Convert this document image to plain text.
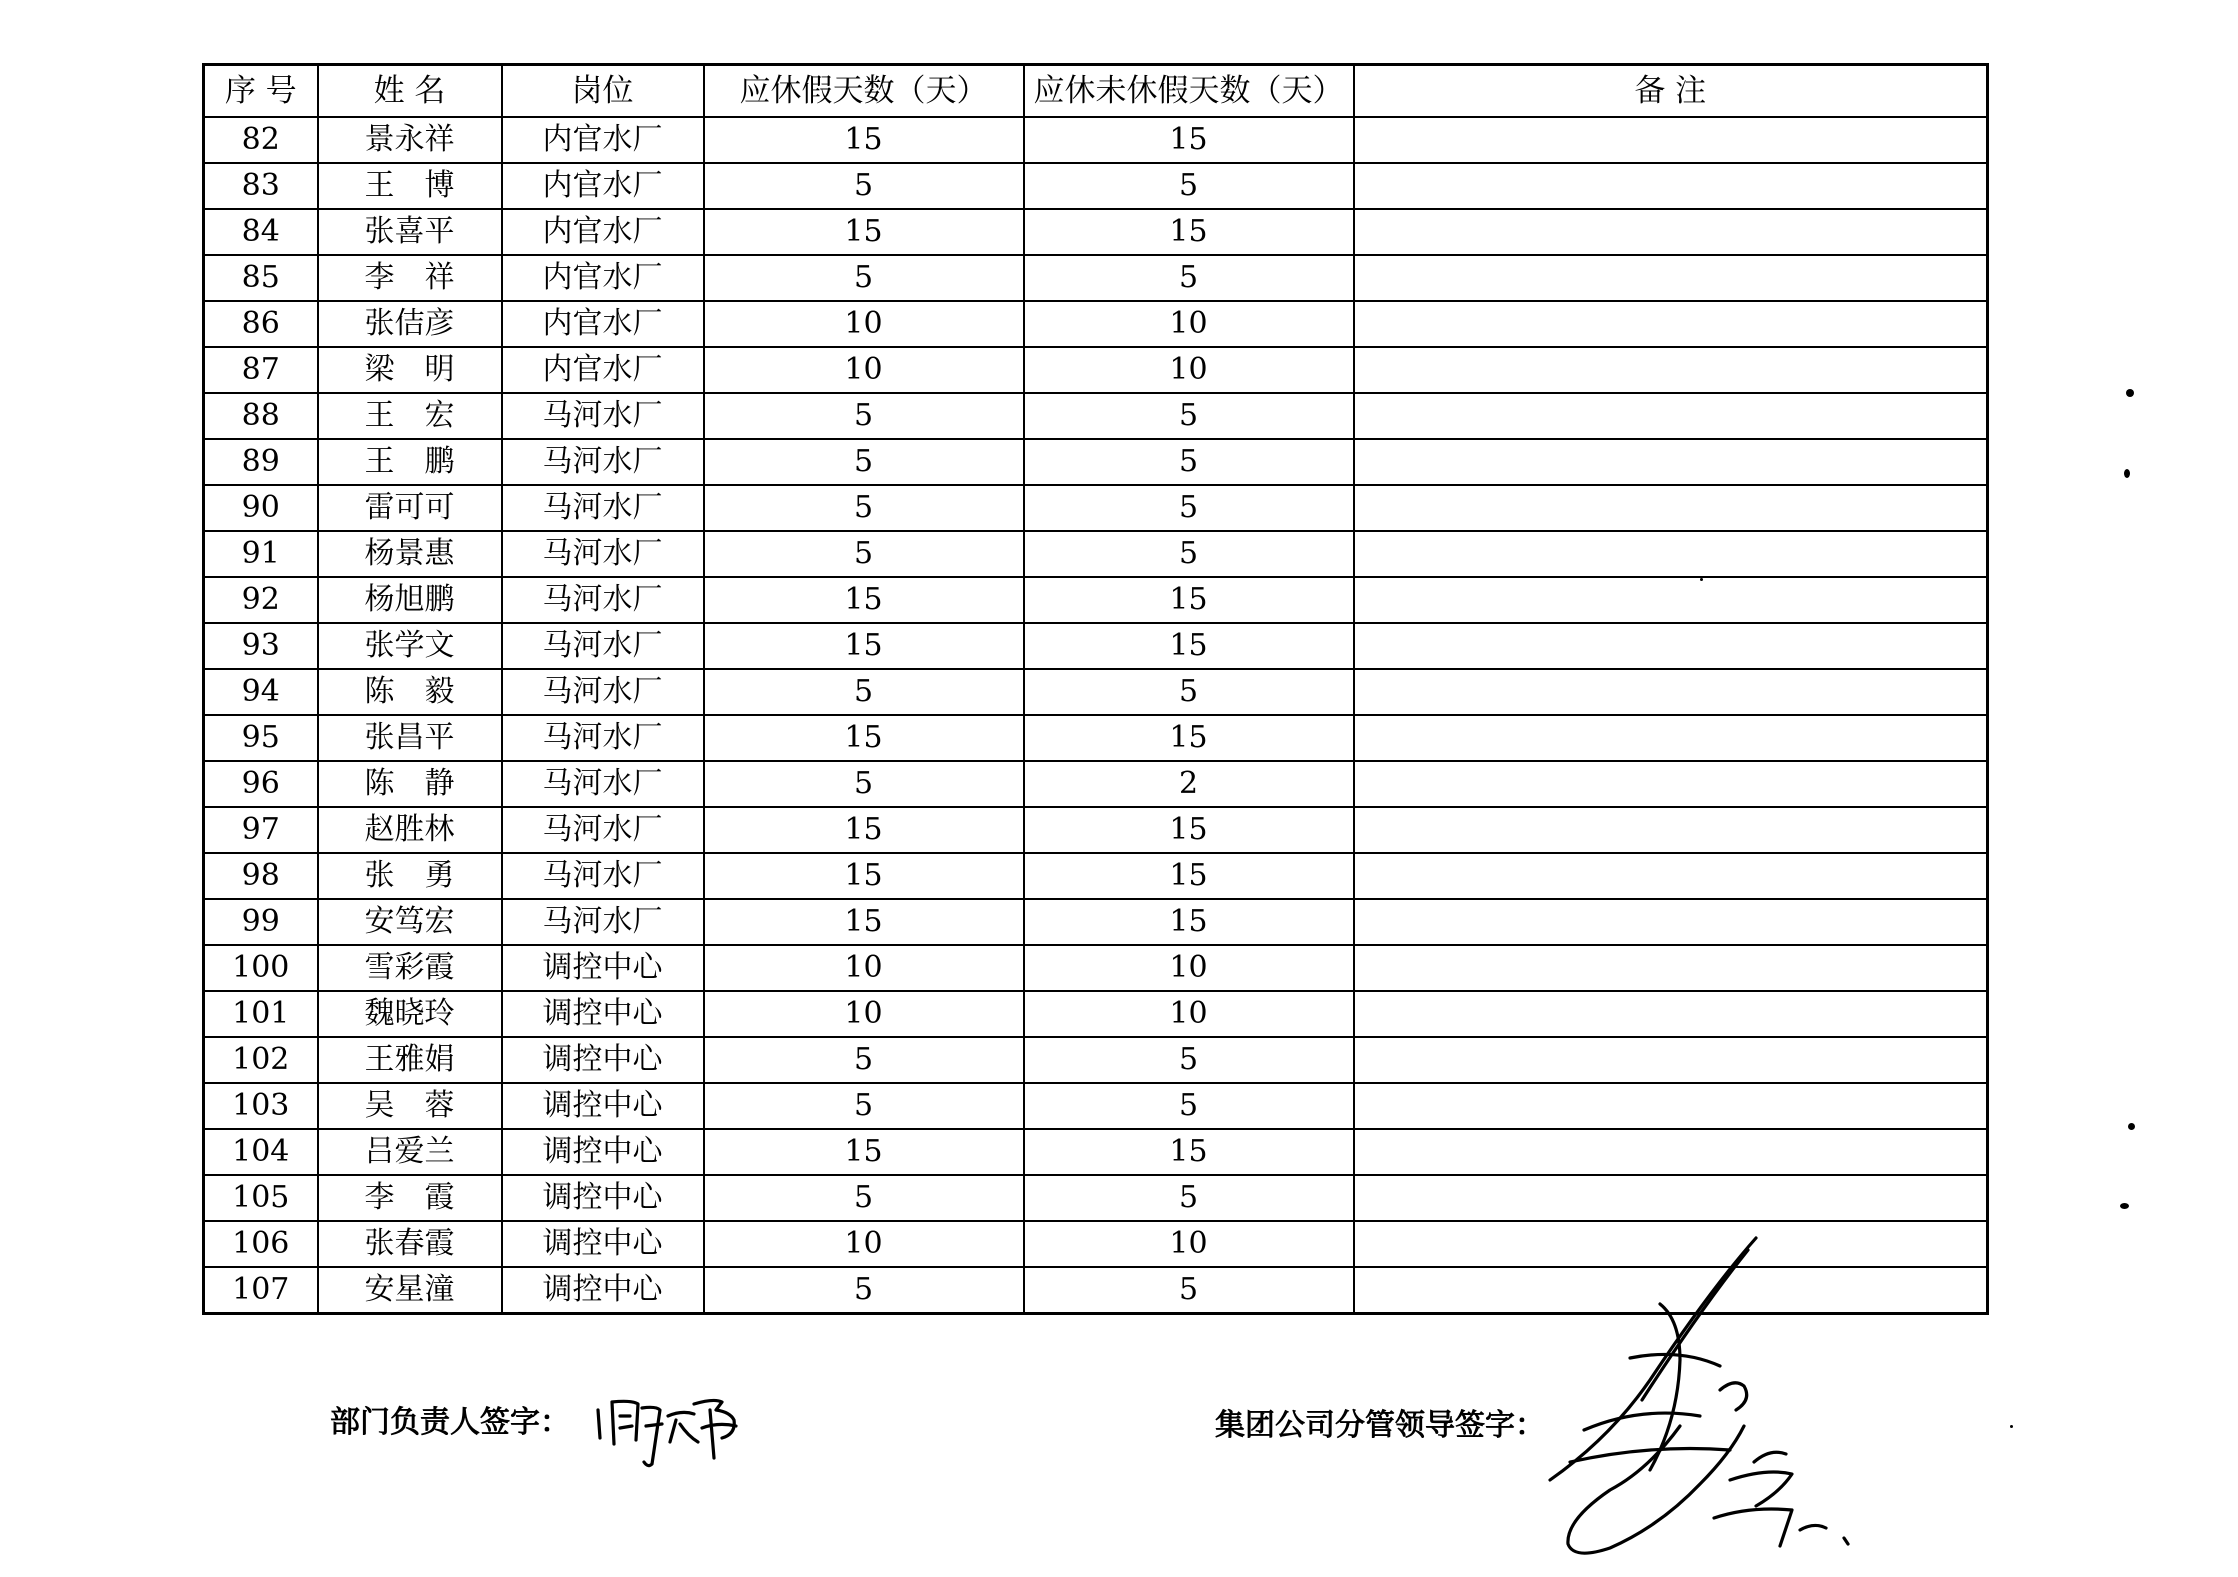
序 号	姓 名	岗位	应休假天数（天）	应休未休假天数（天）	备 注
82	景永祥	内官水厂	15	15	
83	王　博	内官水厂	5	5	
84	张喜平	内官水厂	15	15	
85	李　祥	内官水厂	5	5	
86	张佶彦	内官水厂	10	10	
87	梁　明	内官水厂	10	10	
88	王　宏	马河水厂	5	5	
89	王　鹏	马河水厂	5	5	
90	雷可可	马河水厂	5	5	
91	杨景惠	马河水厂	5	5	
92	杨旭鹏	马河水厂	15	15	
93	张学文	马河水厂	15	15	
94	陈　毅	马河水厂	5	5	
95	张昌平	马河水厂	15	15	
96	陈　静	马河水厂	5	2	
97	赵胜林	马河水厂	15	15	
98	张　勇	马河水厂	15	15	
99	安笃宏	马河水厂	15	15	
100	雪彩霞	调控中心	10	10	
101	魏晓玲	调控中心	10	10	
102	王雅娟	调控中心	5	5	
103	吴　蓉	调控中心	5	5	
104	吕爱兰	调控中心	15	15	
105	李　霞	调控中心	5	5	
106	张春霞	调控中心	10	10	
107	安星潼	调控中心	5	5	
部门负责人签字：	集团公司分管领导签字：
